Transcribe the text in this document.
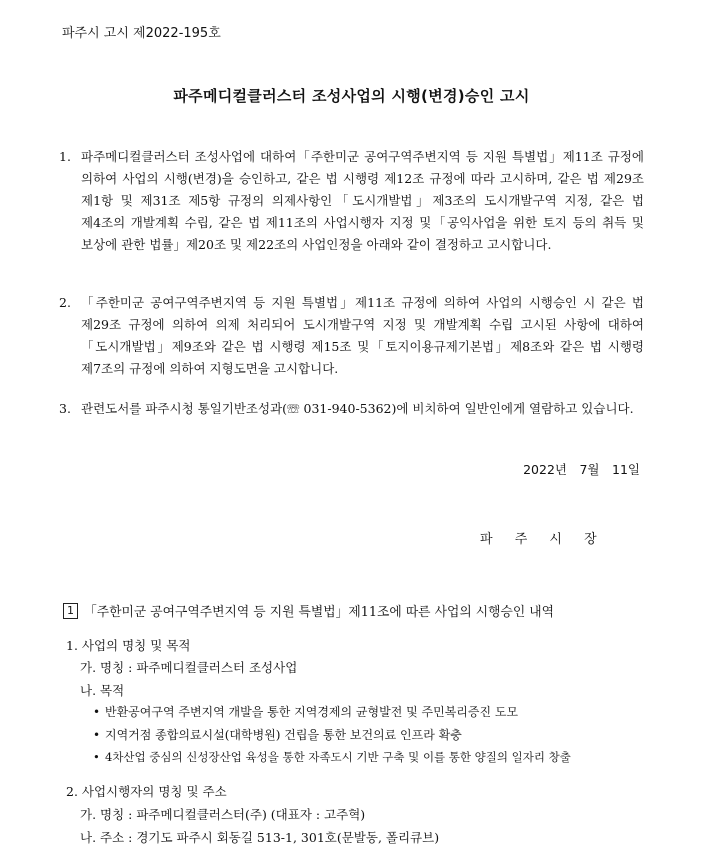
파주시 고시 제2022-195호
파주메디컬클러스터 조성사업의 시행(변경)승인 고시
1. 파주메디컬클러스터 조성사업에 대하여「주한미군 공여구역주변지역 등 지원 특별법」제11조 규정에 의하여 사업의 시행(변경)을 승인하고, 같은 법 시행령 제12조 규정에 따라 고시하며, 같은 법 제29조 제1항 및 제31조 제5항 규정의 의제사항인「도시개발법」제3조의 도시개발구역 지정, 같은 법 제4조의 개발계획 수립, 같은 법 제11조의 사업시행자 지정 및「공익사업을 위한 토지 등의 취득 및 보상에 관한 법률」제20조 및 제22조의 사업인정을 아래와 같이 결정하고 고시합니다.
2. 「주한미군 공여구역주변지역 등 지원 특별법」제11조 규정에 의하여 사업의 시행승인 시 같은 법 제29조 규정에 의하여 의제 처리되어 도시개발구역 지정 및 개발계획 수립 고시된 사항에 대하여「도시개발법」제9조와 같은 법 시행령 제15조 및「토지이용규제기본법」제8조와 같은 법 시행령 제7조의 규정에 의하여 지형도면을 고시합니다.
3. 관련도서를 파주시청 통일기반조성과(☏ 031-940-5362)에 비치하여 일반인에게 열람하고 있습니다.
2022년　7월　11일
파 주 시 장
1 「주한미군 공여구역주변지역 등 지원 특별법」제11조에 따른 사업의 시행승인 내역
1. 사업의 명칭 및 목적
가. 명칭 : 파주메디컬클러스터 조성사업
나. 목적
• 반환공여구역 주변지역 개발을 통한 지역경제의 균형발전 및 주민복리증진 도모
• 지역거점 종합의료시설(대학병원) 건립을 통한 보건의료 인프라 확충
• 4차산업 중심의 신성장산업 육성을 통한 자족도시 기반 구축 및 이를 통한 양질의 일자리 창출
2. 사업시행자의 명칭 및 주소
가. 명칭 : 파주메디컬클러스터(주) (대표자 : 고주혁)
나. 주소 : 경기도 파주시 회동길 513-1, 301호(문발동, 폴리큐브)
